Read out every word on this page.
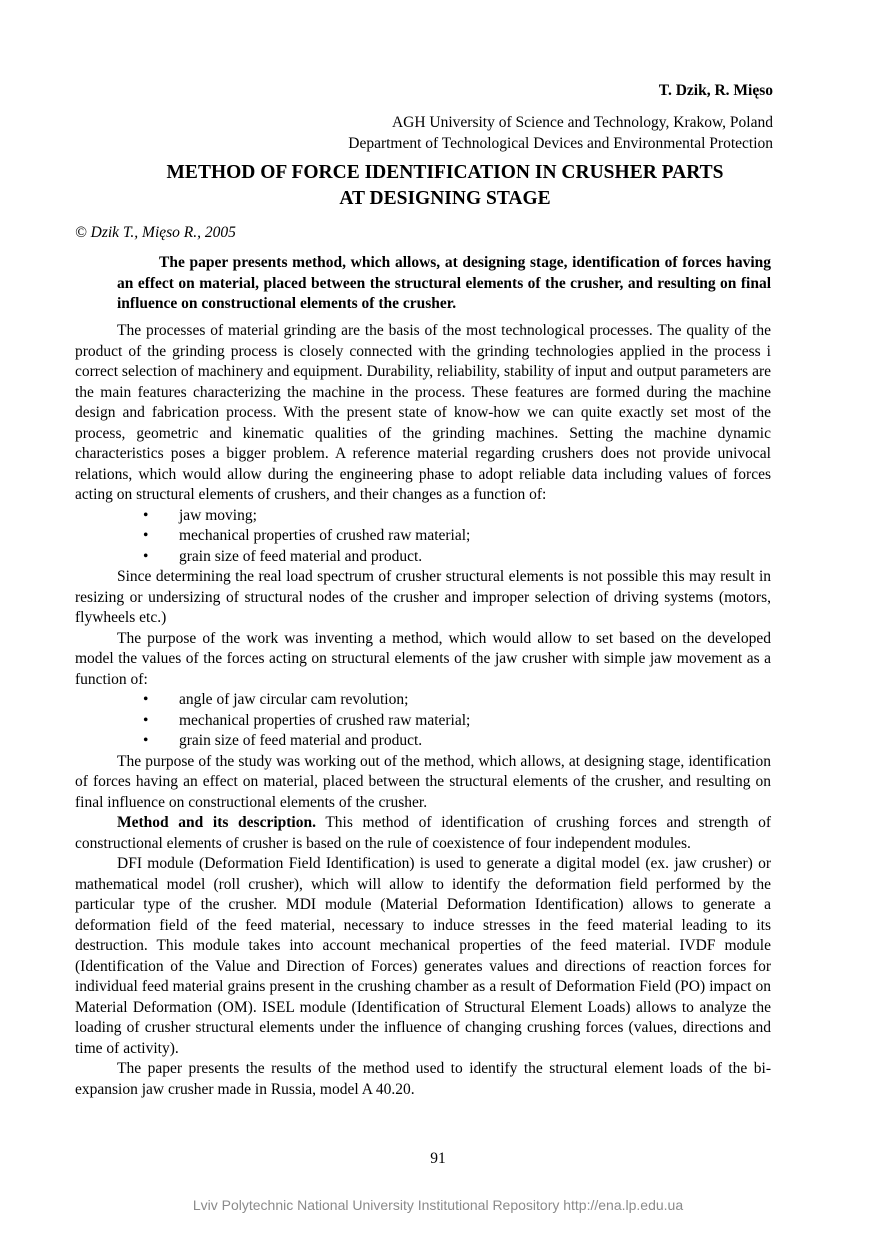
T. Dzik, R. Mięso
AGH University of Science and Technology, Krakow, Poland
Department of Technological Devices and Environmental Protection
METHOD OF FORCE IDENTIFICATION IN CRUSHER PARTS
AT DESIGNING STAGE
© Dzik T., Mięso R., 2005
The paper presents method, which allows, at designing stage, identification of forces having an effect on material, placed between the structural elements of the crusher, and resulting on final influence on constructional elements of the crusher.

The processes of material grinding are the basis of the most technological processes. The quality of the product of the grinding process is closely connected with the grinding technologies applied in the process i correct selection of machinery and equipment. Durability, reliability, stability of input and output parameters are the main features characterizing the machine in the process. These features are formed during the machine design and fabrication process. With the present state of know-how we can quite exactly set most of the process, geometric and kinematic qualities of the grinding machines. Setting the machine dynamic characteristics poses a bigger problem. A reference material regarding crushers does not provide univocal relations, which would allow during the engineering phase to adopt reliable data including values of forces acting on structural elements of crushers, and their changes as a function of:

• jaw moving;
• mechanical properties of crushed raw material;
• grain size of feed material and product.

Since determining the real load spectrum of crusher structural elements is not possible this may result in resizing or undersizing of structural nodes of the crusher and improper selection of driving systems (motors, flywheels etc.)

The purpose of the work was inventing a method, which would allow to set based on the developed model the values of the forces acting on structural elements of the jaw crusher with simple jaw movement as a function of:

• angle of jaw circular cam revolution;
• mechanical properties of crushed raw material;
• grain size of feed material and product.

The purpose of the study was working out of the method, which allows, at designing stage, identification of forces having an effect on material, placed between the structural elements of the crusher, and resulting on final influence on constructional elements of the crusher.

Method and its description. This method of identification of crushing forces and strength of constructional elements of crusher is based on the rule of coexistence of four independent modules.

DFI module (Deformation Field Identification) is used to generate a digital model (ex. jaw crusher) or mathematical model (roll crusher), which will allow to identify the deformation field performed by the particular type of the crusher. MDI module (Material Deformation Identification) allows to generate a deformation field of the feed material, necessary to induce stresses in the feed material leading to its destruction. This module takes into account mechanical properties of the feed material. IVDF module (Identification of the Value and Direction of Forces) generates values and directions of reaction forces for individual feed material grains present in the crushing chamber as a result of Deformation Field (PO) impact on Material Deformation (OM). ISEL module (Identification of Structural Element Loads) allows to analyze the loading of crusher structural elements under the influence of changing crushing forces (values, directions and time of activity).

The paper presents the results of the method used to identify the structural element loads of the bi-expansion jaw crusher made in Russia, model A 40.20.

91
Lviv Polytechnic National University Institutional Repository http://ena.lp.edu.ua
